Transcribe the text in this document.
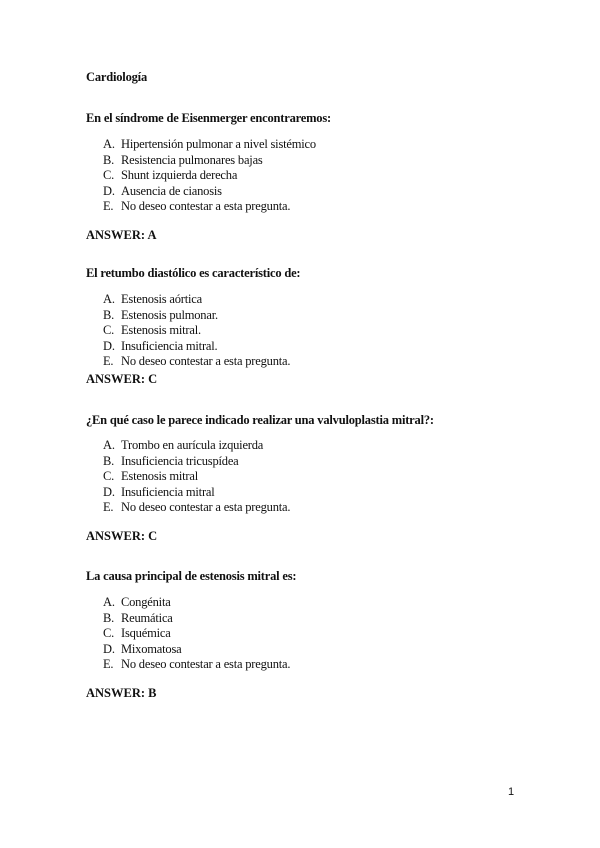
Cardiología
En el síndrome de Eisenmerger encontraremos:
A. Hipertensión pulmonar a nivel sistémico
B. Resistencia pulmonares bajas
C. Shunt izquierda derecha
D. Ausencia de cianosis
E. No deseo contestar a esta pregunta.
ANSWER: A
El retumbo diastólico es característico de:
A. Estenosis aórtica
B. Estenosis pulmonar.
C. Estenosis mitral.
D. Insuficiencia mitral.
E. No deseo contestar a esta pregunta.
ANSWER: C
¿En qué caso le parece indicado realizar una valvuloplastia mitral?:
A. Trombo en aurícula izquierda
B. Insuficiencia tricuspídea
C. Estenosis mitral
D. Insuficiencia mitral
E. No deseo contestar a esta pregunta.
ANSWER: C
La causa principal de estenosis mitral es:
A. Congénita
B. Reumática
C. Isquémica
D. Mixomatosa
E. No deseo contestar a esta pregunta.
ANSWER: B
1
